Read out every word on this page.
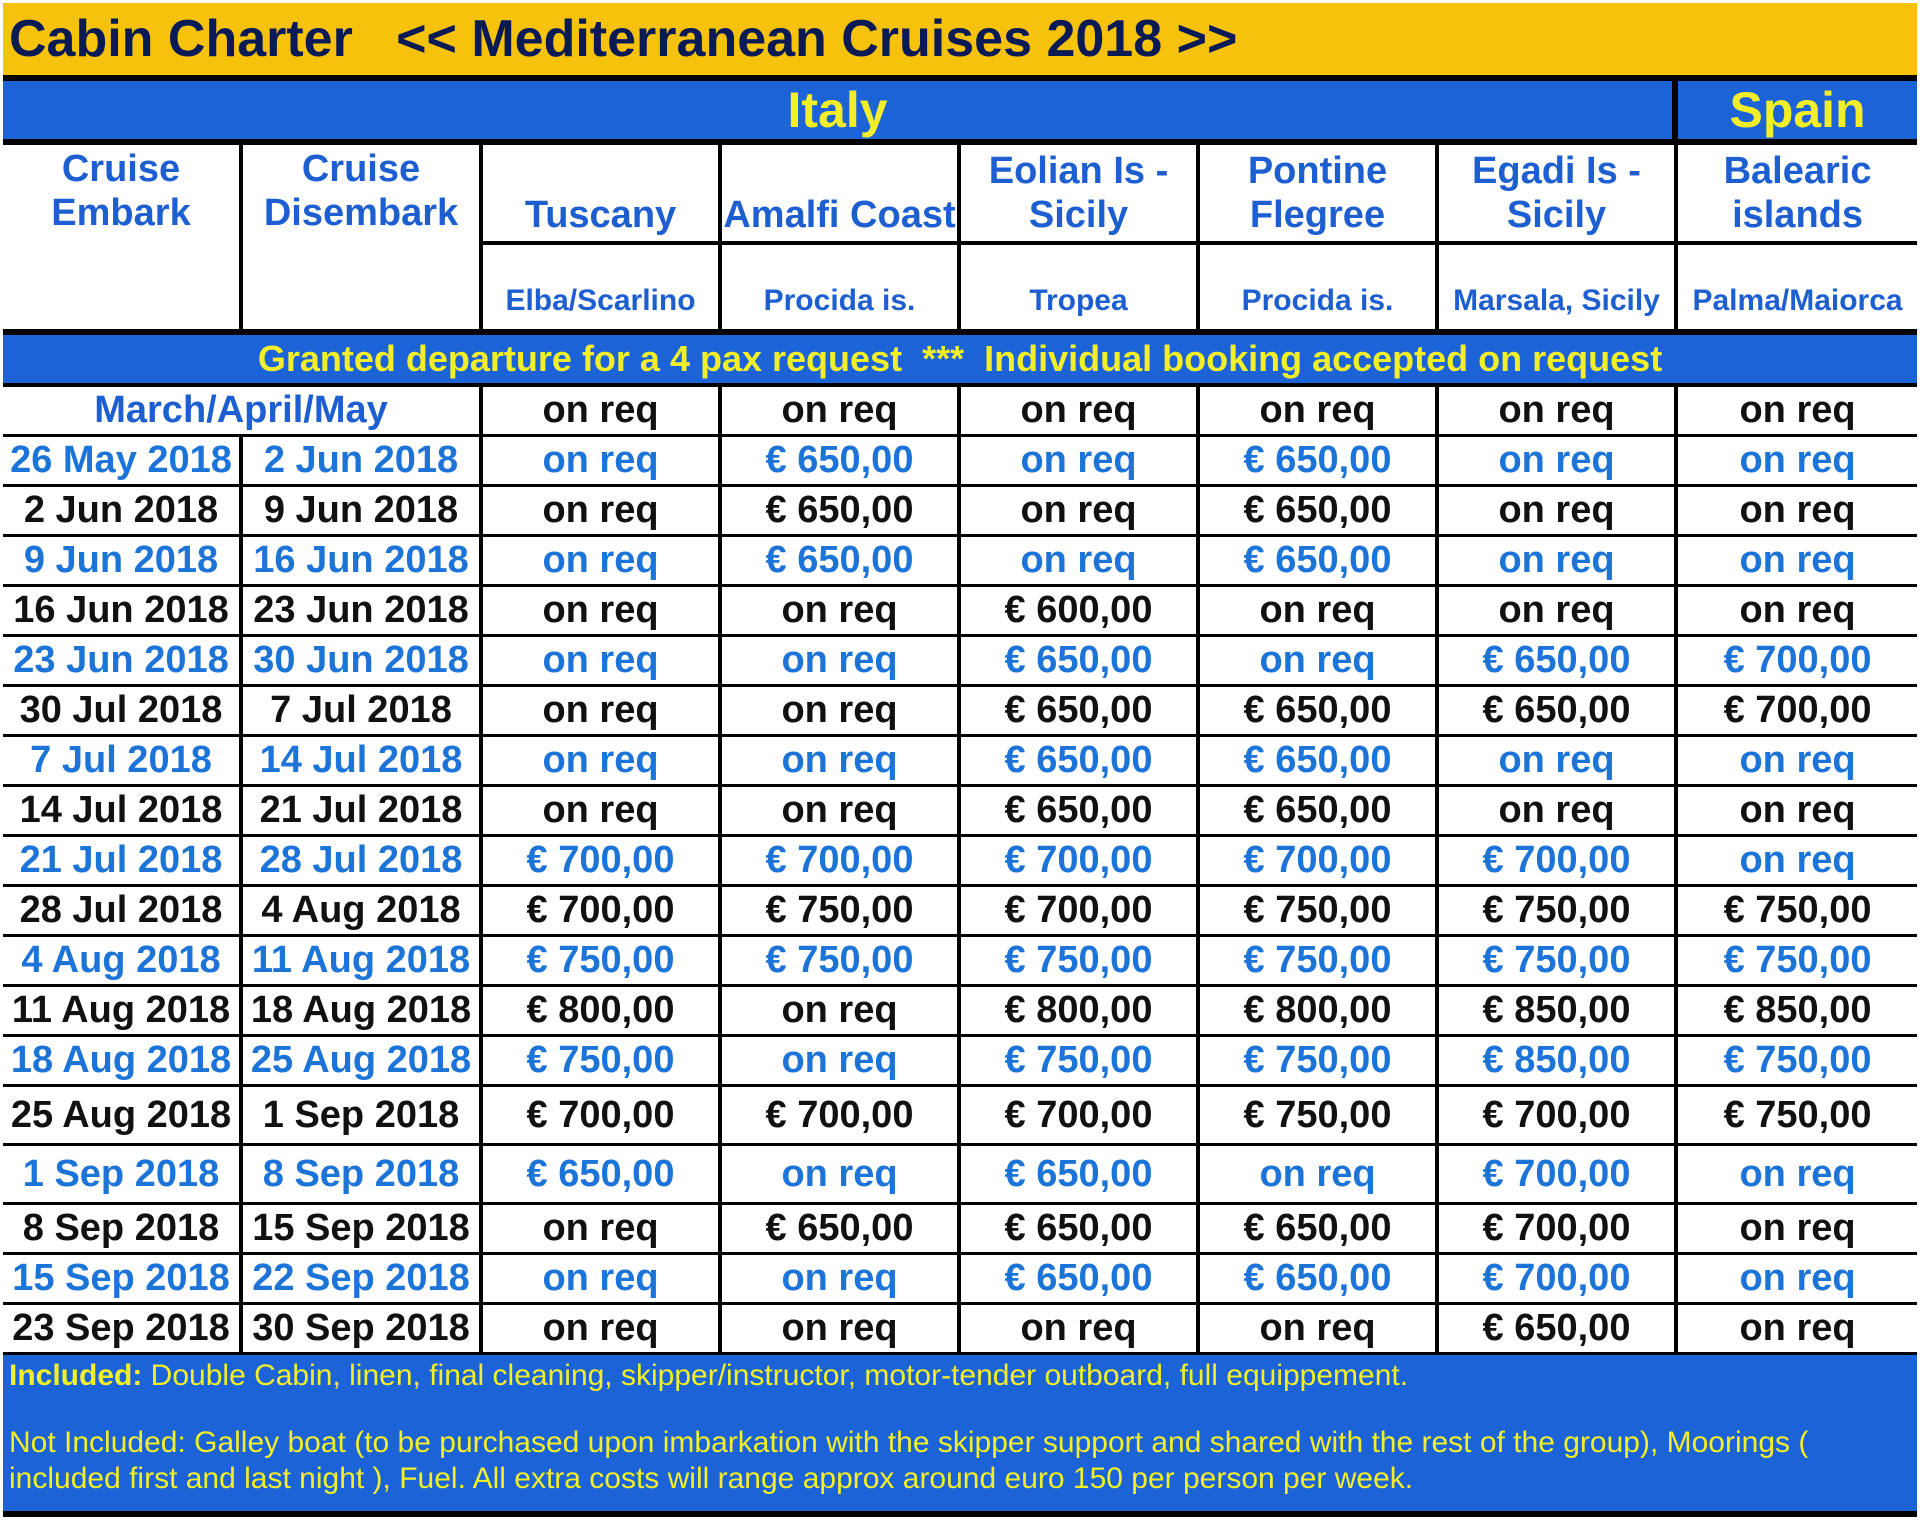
Cabin Charter   << Mediterranean Cruises 2018 >>							
Italy							Spain
Cruise Embark	Cruise Disembark	Tuscany	Amalfi Coast	Eolian Is - Sicily	Pontine Flegree	Egadi Is - Sicily	Balearic islands
		Elba/Scarlino	Procida is.	Tropea	Procida is.	Marsala, Sicily	Palma/Maiorca
Granted departure for a 4 pax request  ***  Individual booking accepted on request							
March/April/May		on req	on req	on req	on req	on req	on req
26 May 2018	2 Jun 2018	on req	€ 650,00	on req	€ 650,00	on req	on req
2 Jun 2018	9 Jun 2018	on req	€ 650,00	on req	€ 650,00	on req	on req
9 Jun 2018	16 Jun 2018	on req	€ 650,00	on req	€ 650,00	on req	on req
16 Jun 2018	23 Jun 2018	on req	on req	€ 600,00	on req	on req	on req
23 Jun 2018	30 Jun 2018	on req	on req	€ 650,00	on req	€ 650,00	€ 700,00
30 Jul 2018	7 Jul 2018	on req	on req	€ 650,00	€ 650,00	€ 650,00	€ 700,00
7 Jul 2018	14 Jul 2018	on req	on req	€ 650,00	€ 650,00	on req	on req
14 Jul 2018	21 Jul 2018	on req	on req	€ 650,00	€ 650,00	on req	on req
21 Jul 2018	28 Jul 2018	€ 700,00	€ 700,00	€ 700,00	€ 700,00	€ 700,00	on req
28 Jul 2018	4 Aug 2018	€ 700,00	€ 750,00	€ 700,00	€ 750,00	€ 750,00	€ 750,00
4 Aug 2018	11 Aug 2018	€ 750,00	€ 750,00	€ 750,00	€ 750,00	€ 750,00	€ 750,00
11 Aug 2018	18 Aug 2018	€ 800,00	on req	€ 800,00	€ 800,00	€ 850,00	€ 850,00
18 Aug 2018	25 Aug 2018	€ 750,00	on req	€ 750,00	€ 750,00	€ 850,00	€ 750,00
25 Aug 2018	1 Sep 2018	€ 700,00	€ 700,00	€ 700,00	€ 750,00	€ 700,00	€ 750,00
1 Sep 2018	8 Sep 2018	€ 650,00	on req	€ 650,00	on req	€ 700,00	on req
8 Sep 2018	15 Sep 2018	on req	€ 650,00	€ 650,00	€ 650,00	€ 700,00	on req
15 Sep 2018	22 Sep 2018	on req	on req	€ 650,00	€ 650,00	€ 700,00	on req
23 Sep 2018	30 Sep 2018	on req	on req	on req	on req	€ 650,00	on req
Included: Double Cabin, linen, final cleaning, skipper/instructor, motor-tender outboard, full equippement.
Not Included: Galley boat (to be purchased upon imbarkation with the skipper support and shared with the rest of the group), Moorings ( included first and last night ), Fuel. All extra costs will range approx around euro 150 per person per week.
